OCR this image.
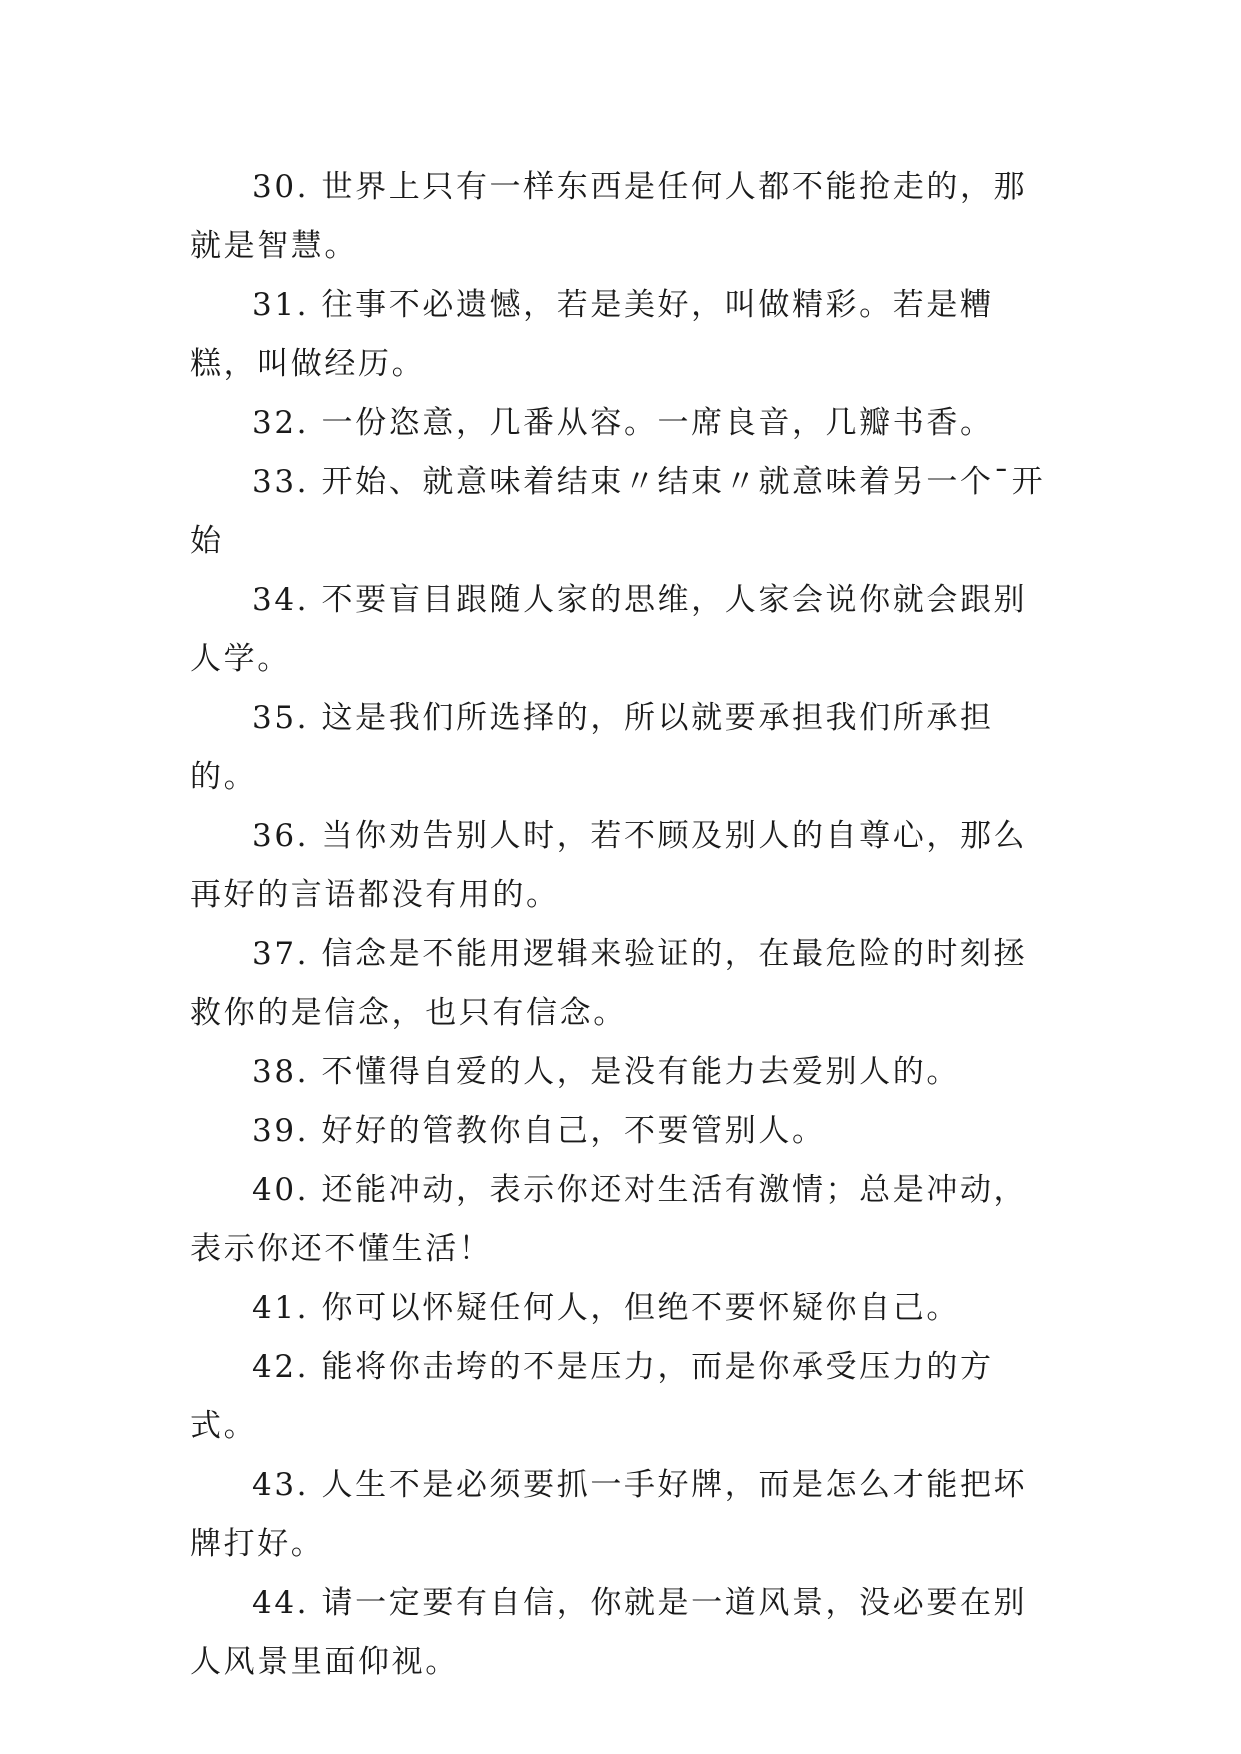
30. 世界上只有一样东西是任何人都不能抢走的，那就是智慧。

31. 往事不必遗憾，若是美好，叫做精彩。若是糟糕，叫做经历。

32. 一份恣意，几番从容。一席良音，几瓣书香。

33. 开始、就意味着结束〃结束〃就意味着另一个¯开始

34. 不要盲目跟随人家的思维，人家会说你就会跟别人学。

35. 这是我们所选择的，所以就要承担我们所承担的。

36. 当你劝告别人时，若不顾及别人的自尊心，那么再好的言语都没有用的。

37. 信念是不能用逻辑来验证的，在最危险的时刻拯救你的是信念，也只有信念。

38. 不懂得自爱的人，是没有能力去爱别人的。

39. 好好的管教你自己，不要管别人。

40. 还能冲动，表示你还对生活有激情；总是冲动，表示你还不懂生活！

41. 你可以怀疑任何人，但绝不要怀疑你自己。

42. 能将你击垮的不是压力，而是你承受压力的方式。

43. 人生不是必须要抓一手好牌，而是怎么才能把坏牌打好。

44. 请一定要有自信，你就是一道风景，没必要在别人风景里面仰视。
